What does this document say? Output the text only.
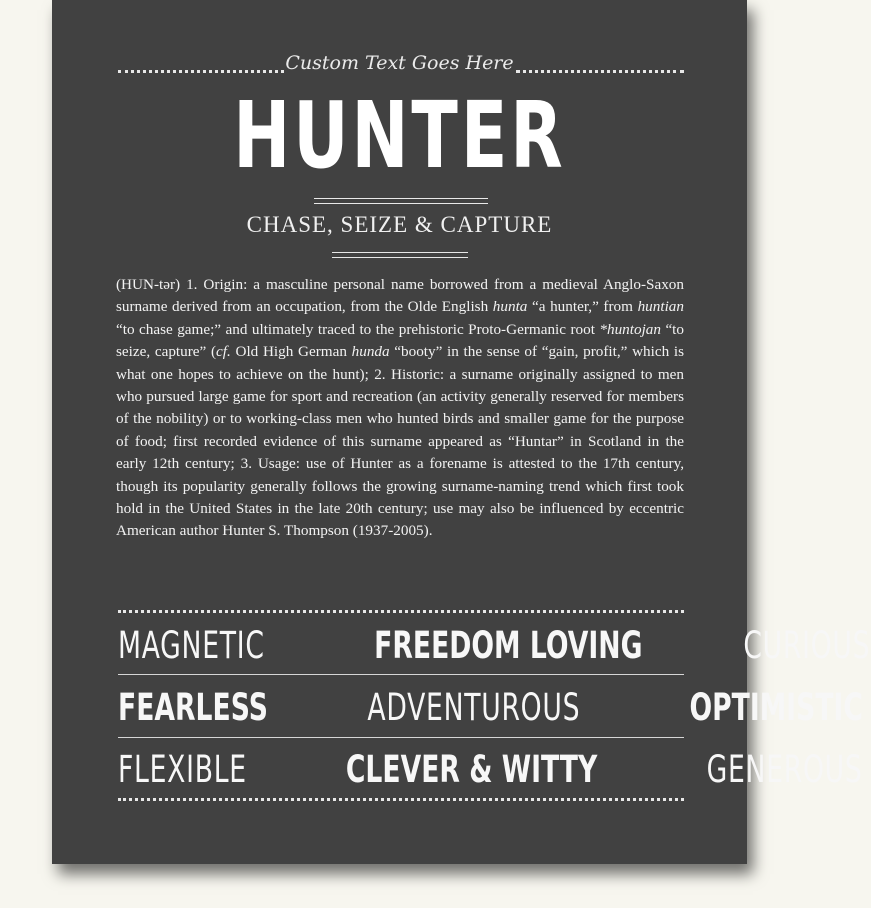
Custom Text Goes Here
HUNTER
CHASE, SEIZE & CAPTURE
(HUN-tər) 1. Origin: a masculine personal name borrowed from a medieval Anglo-Saxon surname derived from an occupation, from the Olde English hunta “a hunter,” from huntian “to chase game;” and ultimately traced to the prehistoric Proto-Germanic root *huntojan “to seize, capture” (cf. Old High German hunda “booty” in the sense of “gain, profit,” which is what one hopes to achieve on the hunt); 2. Historic: a surname originally assigned to men who pursued large game for sport and recreation (an activity generally reserved for members of the nobility) or to working-class men who hunted birds and smaller game for the purpose of food; first recorded evidence of this surname appeared as “Huntar” in Scotland in the early 12th century; 3. Usage: use of Hunter as a forename is attested to the 17th century, though its popularity generally follows the growing surname-naming trend which first took hold in the United States in the late 20th century; use may also be influenced by eccentric American author Hunter S. Thompson (1937-2005).
MAGNETIC	FREEDOM LOVING	CURIOUS
FEARLESS	ADVENTUROUS	OPTIMISTIC
FLEXIBLE	CLEVER & WITTY	GENEROUS
